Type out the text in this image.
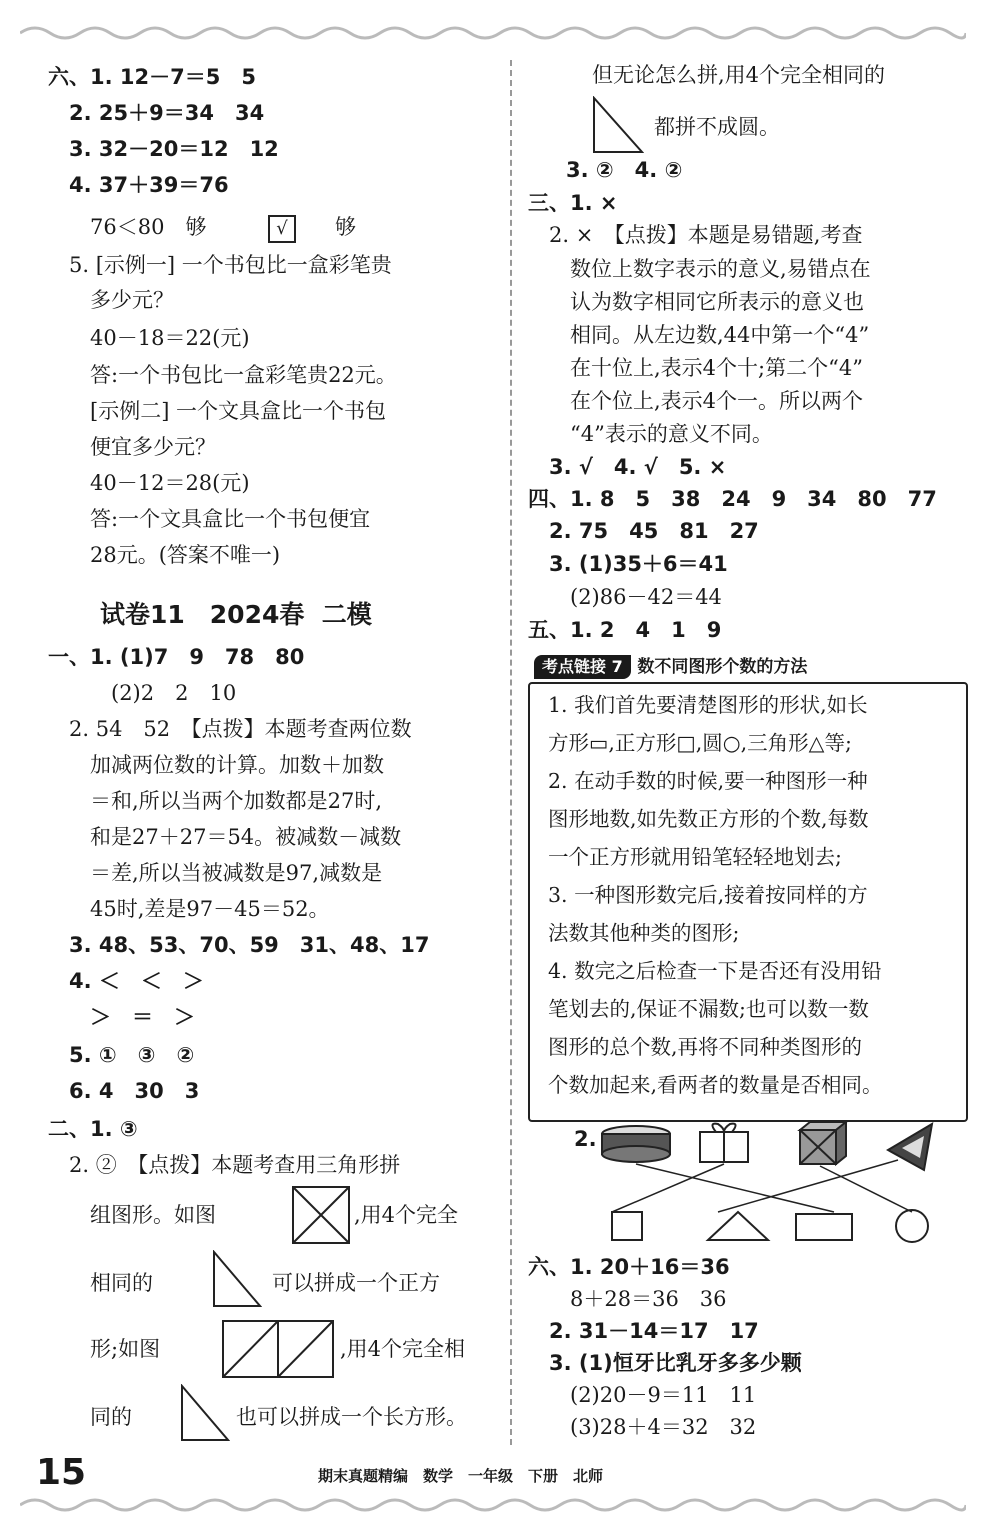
六、1. 12－7＝5　5
　2. 25＋9＝34　34
　3. 32－20＝12　12
　4. 37＋39＝76
　　76＜80　够	√	够
　5. [示例一] 一个书包比一盒彩笔贵
　　多少元？
　　40－18＝22(元)
　　答:一个书包比一盒彩笔贵22元。
　　[示例二] 一个文具盒比一个书包
　　便宜多少元？
　　40－12＝28(元)
　　答:一个文具盒比一个书包便宜
　　28元。(答案不唯一)
试卷11　2024春 ⁠ 二模
一、1. (1)7　9　78　80
　　　(2)2　2　10
　2. 54　52　【点拨】本题考查两位数
　　加减两位数的计算。加数＋加数
　　＝和,所以当两个加数都是27时,
　　和是27＋27＝54。被减数－减数
　　＝差,所以当被减数是97,减数是
　　45时,差是97－45＝52。
　3. 48、53、70、59　31、48、17
　4. ＜　＜　＞
　　＞　＝　＞
　5. ①　③　②
　6. 4　30　3
二、1. ③
　2. ②　【点拨】本题考查用三角形拼
　　组图形。如图	,用4个完全
　　相同的	可以拼成一个正方
　　形;如图	,用4个完全相
　　同的	也可以拼成一个长方形。
但无论怎么拼,用4个完全相同的
都拼不成圆。
3. ②　4. ②
三、1. ×
　2. ×　【点拨】本题是易错题,考查
　　数位上数字表示的意义,易错点在
　　认为数字相同它所表示的意义也
　　相同。从左边数,44中第一个“4”
　　在十位上,表示4个十;第二个“4”
　　在个位上,表示4个一。所以两个
　　“4”表示的意义不同。
　3. √　4. √　5. ×
四、1. 8　5　38　24　9　34　80　77
　2. 75　45　81　27
　3. (1)35＋6＝41
　　(2)86－42＝44
五、1. 2　4　1　9
考点链接 7 数不同图形个数的方法
1. 我们首先要清楚图形的形状,如长
方形▭,正方形□,圆○,三角形△等;
2. 在动手数的时候,要一种图形一种
图形地数,如先数正方形的个数,每数
一个正方形就用铅笔轻轻地划去;
3. 一种图形数完后,接着按同样的方
法数其他种类的图形;
4. 数完之后检查一下是否还有没用铅
笔划去的,保证不漏数;也可以数一数
图形的总个数,再将不同种类图形的
个数加起来,看两者的数量是否相同。
2.
六、1. 20＋16＝36
　　8＋28＝36　36
　2. 31－14＝17　17
　3. (1)恒牙比乳牙多多少颗
　　(2)20－9＝11　11
　　(3)28＋4＝32　32
15	期末真题精编　数学　一年级　下册　北师
